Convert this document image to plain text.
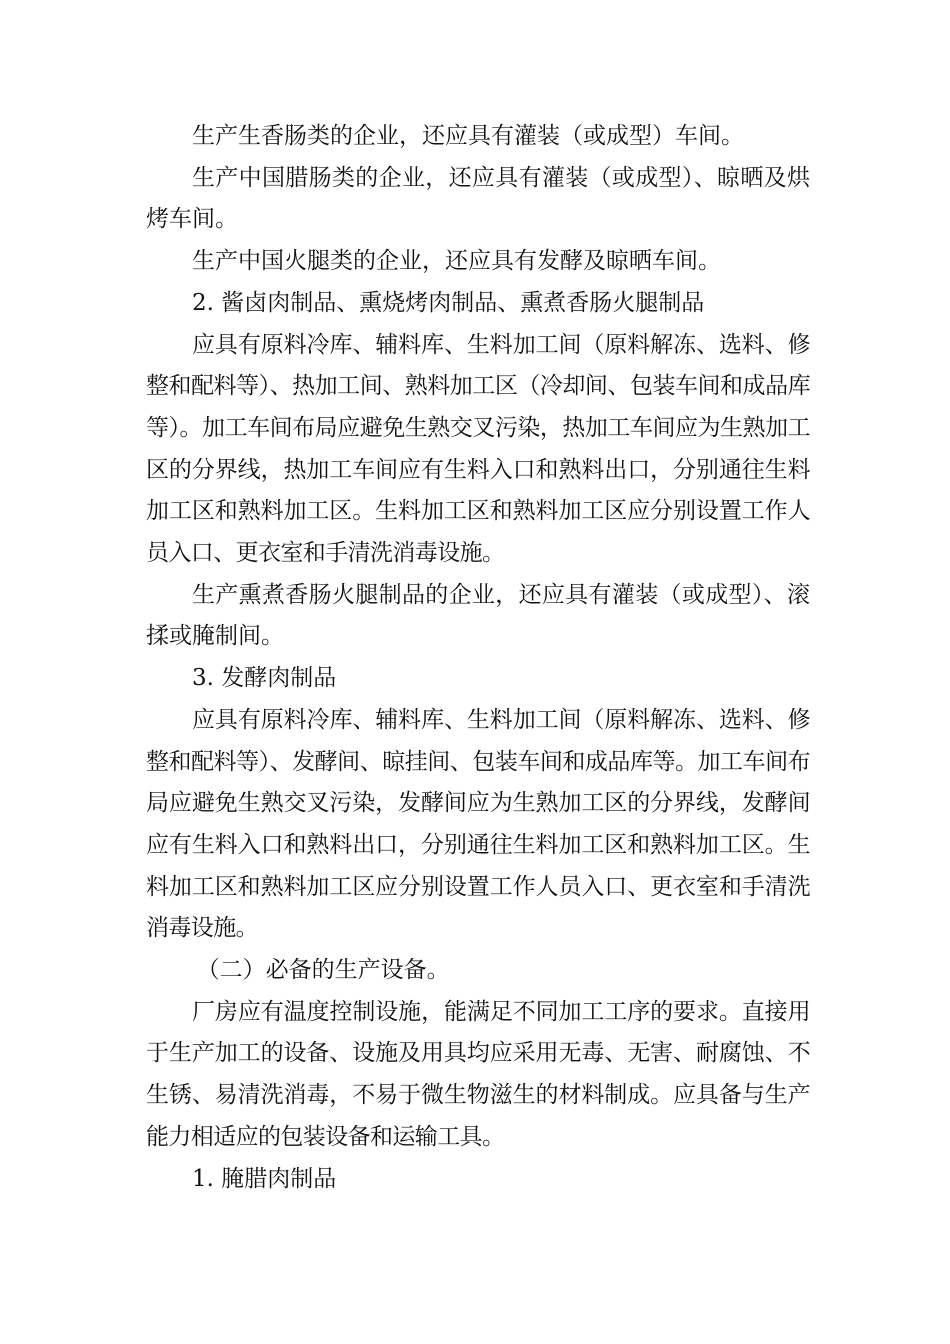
生产生香肠类的企业，还应具有灌装（或成型）车间。

生产中国腊肠类的企业，还应具有灌装（或成型）、晾晒及烘烤车间。

生产中国火腿类的企业，还应具有发酵及晾晒车间。

2. 酱卤肉制品、熏烧烤肉制品、熏煮香肠火腿制品

应具有原料冷库、辅料库、生料加工间（原料解冻、选料、修整和配料等）、热加工间、熟料加工区（冷却间、包装车间和成品库等）。加工车间布局应避免生熟交叉污染，热加工车间应为生熟加工区的分界线，热加工车间应有生料入口和熟料出口，分别通往生料加工区和熟料加工区。生料加工区和熟料加工区应分别设置工作人员入口、更衣室和手清洗消毒设施。

生产熏煮香肠火腿制品的企业，还应具有灌装（或成型）、滚揉或腌制间。

3. 发酵肉制品

应具有原料冷库、辅料库、生料加工间（原料解冻、选料、修整和配料等）、发酵间、晾挂间、包装车间和成品库等。加工车间布局应避免生熟交叉污染，发酵间应为生熟加工区的分界线，发酵间应有生料入口和熟料出口，分别通往生料加工区和熟料加工区。生料加工区和熟料加工区应分别设置工作人员入口、更衣室和手清洗消毒设施。

（二）必备的生产设备。

厂房应有温度控制设施，能满足不同加工工序的要求。直接用于生产加工的设备、设施及用具均应采用无毒、无害、耐腐蚀、不生锈、易清洗消毒，不易于微生物滋生的材料制成。应具备与生产能力相适应的包装设备和运输工具。

1. 腌腊肉制品
